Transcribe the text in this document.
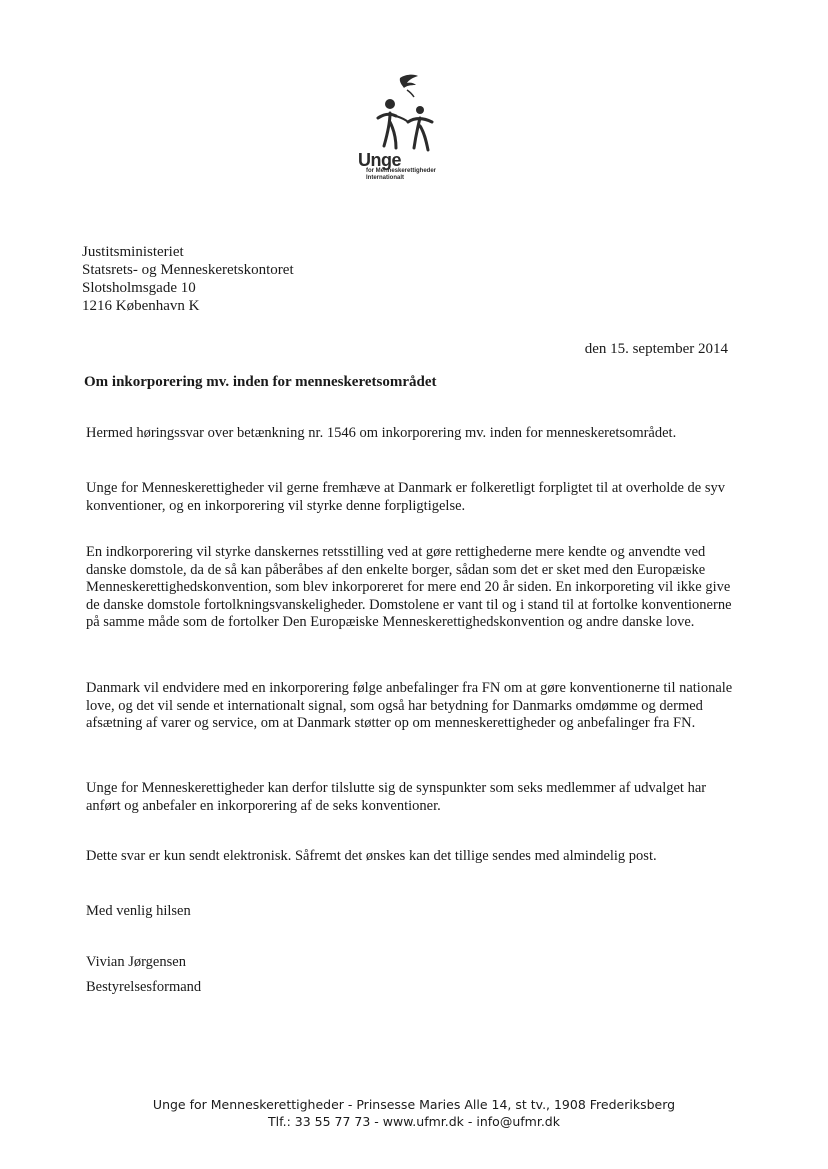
Unge
for Menneskerettigheder
Internationalt
Justitsministeriet
Statsrets- og Menneskeretskontoret
Slotsholmsgade 10
1216 København K
den 15. september 2014
Om inkorporering mv. inden for menneskeretsområdet
Hermed høringssvar over betænkning nr. 1546 om inkorporering mv. inden for menneskeretsområdet.
Unge for Menneskerettigheder vil gerne fremhæve at Danmark er folkeretligt forpligtet til at overholde de syv konventioner, og en inkorporering vil styrke denne forpligtigelse.
En indkorporering vil styrke danskernes retsstilling ved at gøre rettighederne mere kendte og anvendte ved danske domstole, da de så kan påberåbes af den enkelte borger, sådan som det er sket med den Europæiske Menneskerettighedskonvention, som blev inkorporeret for mere end 20 år siden. En inkorporeting vil ikke give de danske domstole fortolkningsvanskeligheder. Domstolene er vant til og i stand til at fortolke konventionerne på samme måde som de fortolker Den Europæiske Menneskerettighedskonvention og andre danske love.
Danmark vil endvidere med en inkorporering følge anbefalinger fra FN om at gøre konventionerne til nationale love, og det vil sende et internationalt signal, som også har betydning for Danmarks omdømme og dermed afsætning af varer og service, om at Danmark støtter op om menneskerettigheder og anbefalinger fra FN.
Unge for Menneskerettigheder kan derfor tilslutte sig de synspunkter som seks medlemmer af udvalget har anført og anbefaler en inkorporering af de seks konventioner.
Dette svar er kun sendt elektronisk. Såfremt det ønskes kan det tillige sendes med almindelig post.
Med venlig hilsen
Vivian Jørgensen
Bestyrelsesformand
Unge for Menneskerettigheder - Prinsesse Maries Alle 14, st tv., 1908 Frederiksberg
Tlf.: 33 55 77 73 - www.ufmr.dk - info@ufmr.dk
